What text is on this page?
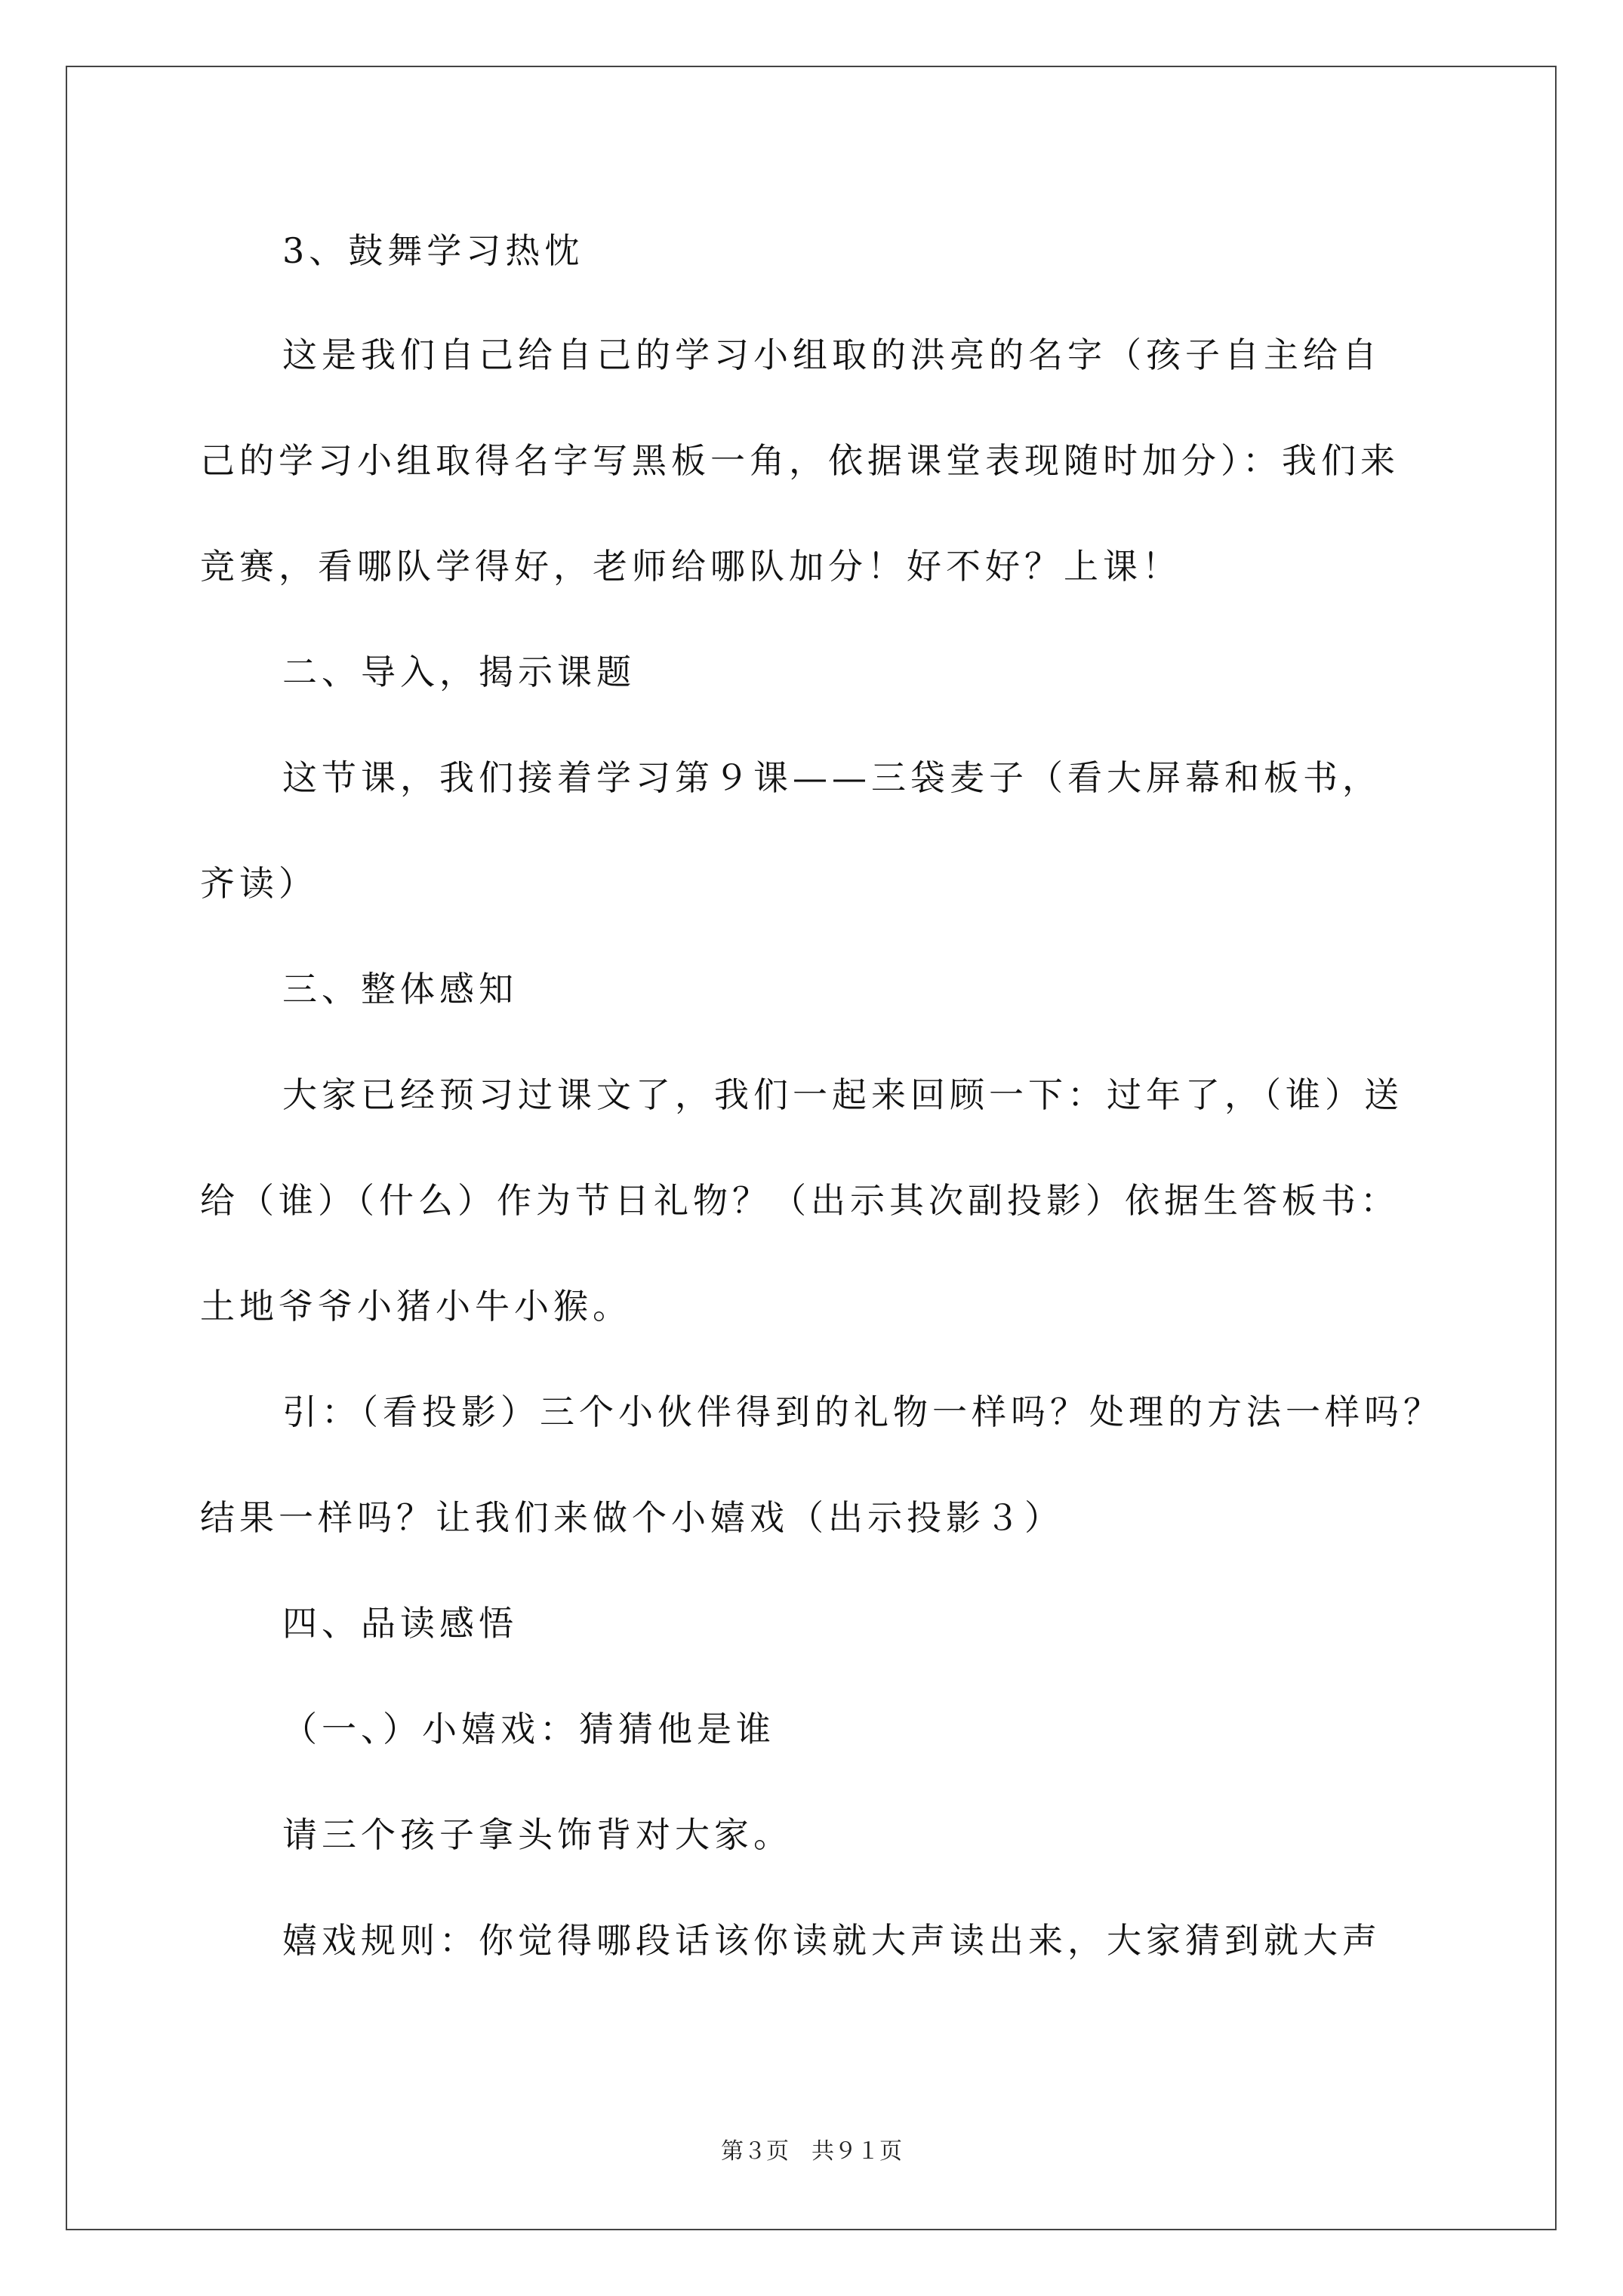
3、鼓舞学习热忱
这是我们自己给自己的学习小组取的洪亮的名字（孩子自主给自
己的学习小组取得名字写黑板一角，依据课堂表现随时加分）：我们来
竞赛，看哪队学得好，老师给哪队加分！好不好？上课！
二、导入，揭示课题
这节课，我们接着学习第９课——三袋麦子（看大屏幕和板书，
齐读）
三、整体感知
大家已经预习过课文了，我们一起来回顾一下：过年了，（谁）送
给（谁）（什么）作为节日礼物？（出示其次副投影）依据生答板书：
土地爷爷小猪小牛小猴。
引：（看投影）三个小伙伴得到的礼物一样吗？处理的方法一样吗？
结果一样吗？让我们来做个小嬉戏（出示投影３）
四、品读感悟
（一、）小嬉戏：猜猜他是谁
请三个孩子拿头饰背对大家。
嬉戏规则：你觉得哪段话该你读就大声读出来，大家猜到就大声
第３页　共９１页
